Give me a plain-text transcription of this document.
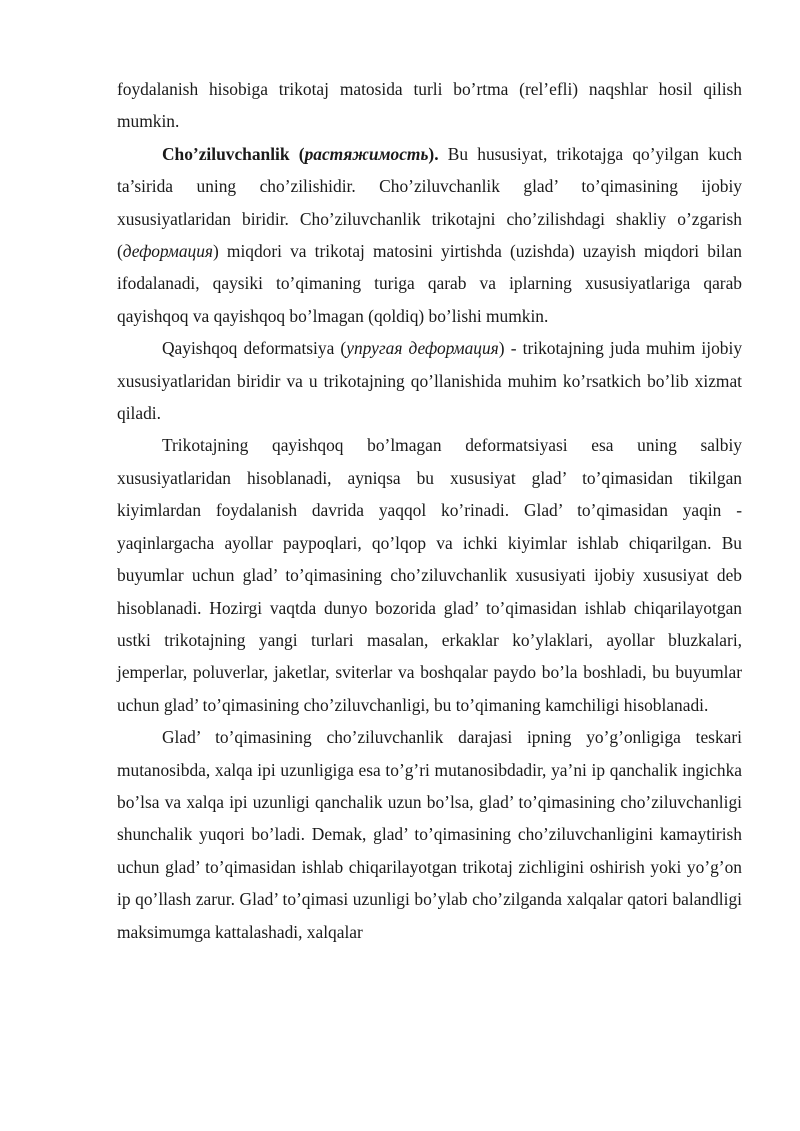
foydalanish hisobiga trikotaj matosida turli bo’rtma (rel’efli) naqshlar hosil qilish mumkin.

Cho’ziluvchanlik (растяжимость). Bu hususiyat, trikotajga qo’yilgan kuch ta’sirida uning cho’zilishidir. Cho’ziluvchanlik glad’ to’qimasining ijobiy xususiyatlaridan biridir. Cho’ziluvchanlik trikotajni cho’zilishdagi shakliy o’zgarish (деформация) miqdori va trikotaj matosini yirtishda (uzishda) uzayish miqdori bilan ifodalanadi, qaysiki to’qimaning turiga qarab va iplarning xususiyatlariga qarab qayishqoq va qayishqoq bo’lmagan (qoldiq) bo’lishi mumkin.

Qayishqoq deformatsiya (упругая деформация) - trikotajning juda muhim ijobiy xususiyatlaridan biridir va u trikotajning qo’llanishida muhim ko’rsatkich bo’lib xizmat qiladi.

Trikotajning qayishqoq bo’lmagan deformatsiyasi esa uning salbiy xususiyatlaridan hisoblanadi, ayniqsa bu xususiyat glad’ to’qimasidan tikilgan kiyimlardan foydalanish davrida yaqqol ko’rinadi. Glad’ to’qimasidan yaqin - yaqinlargacha ayollar paypoqlari, qo’lqop va ichki kiyimlar ishlab chiqarilgan. Bu buyumlar uchun glad’ to’qimasining cho’ziluvchanlik xususiyati ijobiy xususiyat deb hisoblanadi. Hozirgi vaqtda dunyo bozorida glad’ to’qimasidan ishlab chiqarilayotgan ustki trikotajning yangi turlari masalan, erkaklar ko’ylaklari, ayollar bluzkalari, jemperlar, poluverlar, jaketlar, sviterlar va boshqalar paydo bo’la boshladi, bu buyumlar uchun glad’ to’qimasining cho’ziluvchanligi, bu to’qimaning kamchiligi hisoblanadi.

Glad’ to’qimasining cho’ziluvchanlik darajasi ipning yo’g’onligiga teskari mutanosibda, xalqa ipi uzunligiga esa to’g’ri mutanosibdadir, ya’ni ip qanchalik ingichka bo’lsa va xalqa ipi uzunligi qanchalik uzun bo’lsa, glad’ to’qimasining cho’ziluvchanligi shunchalik yuqori bo’ladi. Demak, glad’ to’qimasining cho’ziluvchanligini kamaytirish uchun glad’ to’qimasidan ishlab chiqarilayotgan trikotaj zichligini oshirish yoki yo’g’on ip qo’llash zarur. Glad’ to’qimasi uzunligi bo’ylab cho’zilganda xalqalar qatori balandligi maksimumga kattalashadi, xalqalar
